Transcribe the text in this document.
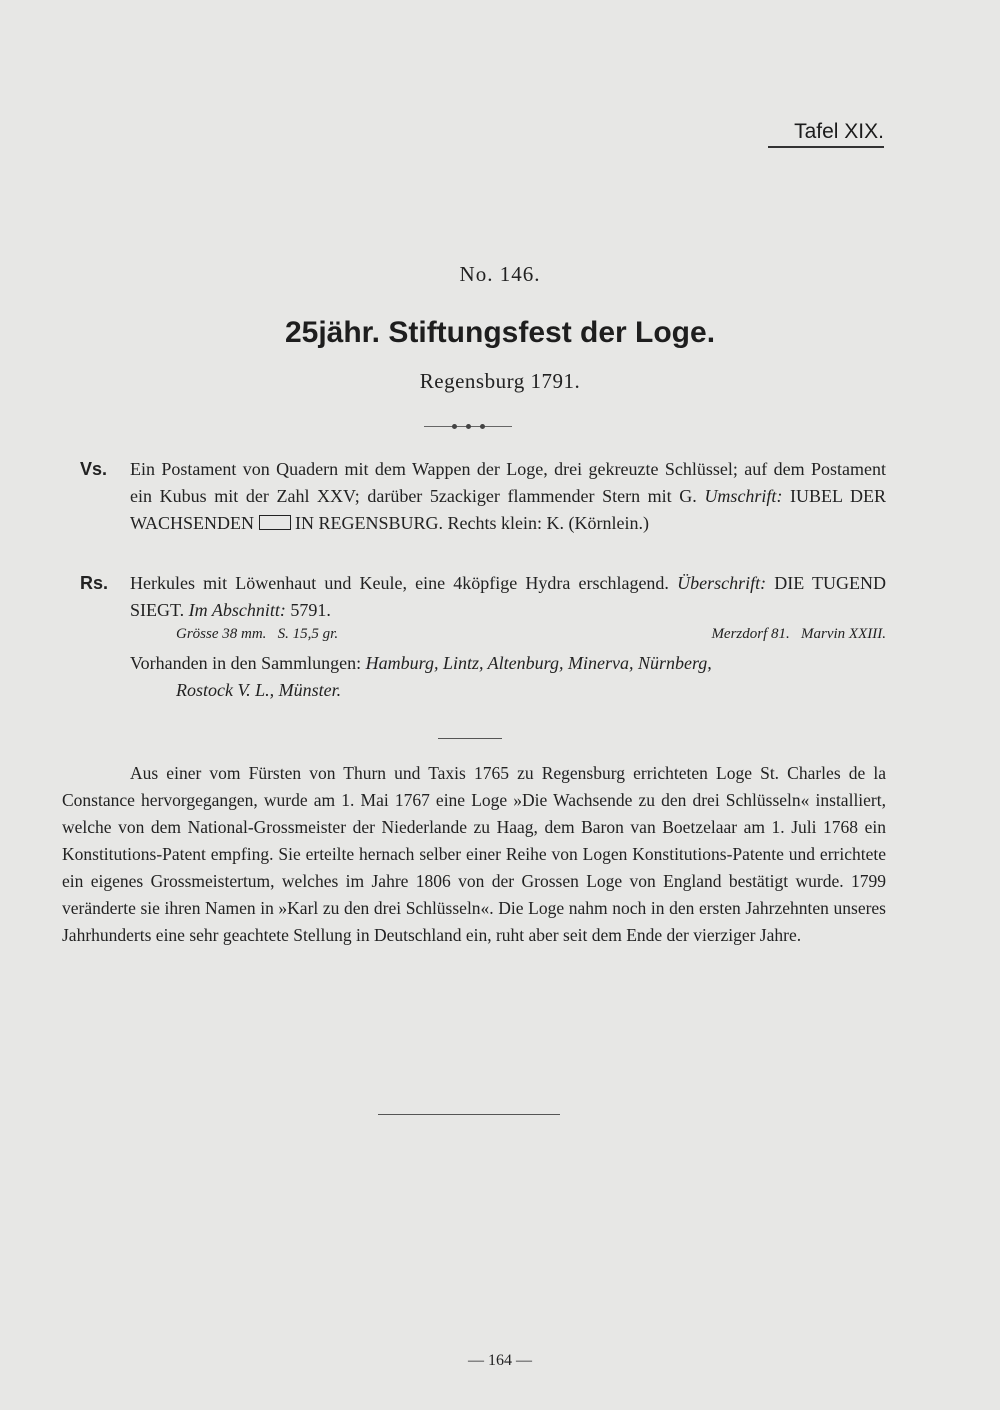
Tafel XIX.
No. 146.
25jähr. Stiftungsfest der Loge.
Regensburg 1791.
Vs. Ein Postament von Quadern mit dem Wappen der Loge, drei gekreuzte Schlüssel; auf dem Postament ein Kubus mit der Zahl XXV; darüber 5zackiger flammender Stern mit G. Umschrift: IUBEL DER WACHSENDEN  IN REGENSBURG. Rechts klein: K. (Körnlein.)
Rs. Herkules mit Löwenhaut und Keule, eine 4köpfige Hydra erschlagend. Überschrift: DIE TUGEND SIEGT. Im Abschnitt: 5791.
Grösse 38 mm.   S. 15,5 gr.	Merzdorf 81.   Marvin XXIII.
Vorhanden in den Sammlungen: Hamburg, Lintz, Altenburg, Minerva, Nürnberg,
Rostock V. L., Münster.
Aus einer vom Fürsten von Thurn und Taxis 1765 zu Regensburg errichteten Loge St. Charles de la Constance hervorgegangen, wurde am 1. Mai 1767 eine Loge »Die Wachsende zu den drei Schlüsseln« installiert, welche von dem National-Grossmeister der Niederlande zu Haag, dem Baron van Boetzelaar am 1. Juli 1768 ein Konstitutions-Patent empfing. Sie erteilte hernach selber einer Reihe von Logen Konstitutions-Patente und errichtete ein eigenes Grossmeistertum, welches im Jahre 1806 von der Grossen Loge von England bestätigt wurde. 1799 veränderte sie ihren Namen in »Karl zu den drei Schlüsseln«. Die Loge nahm noch in den ersten Jahrzehnten unseres Jahrhunderts eine sehr geachtete Stellung in Deutschland ein, ruht aber seit dem Ende der vierziger Jahre.
— 164 —
